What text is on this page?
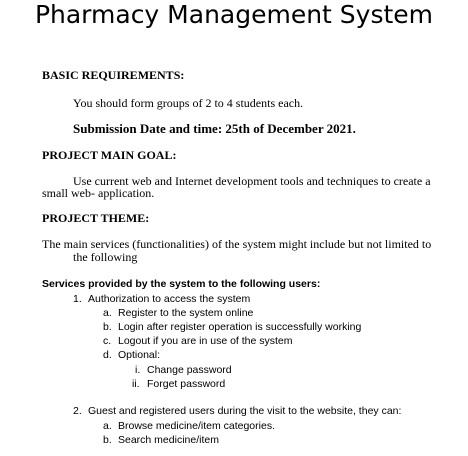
Pharmacy Management System
BASIC REQUIREMENTS:
You should form groups of 2 to 4 students each.
Submission Date and time: 25th of December 2021.
PROJECT MAIN GOAL:
Use current web and Internet development tools and techniques to create a
small web- application.
PROJECT THEME:
The main services (functionalities) of the system might include but not limited to
the following
Services provided by the system to the following users:
1. Authorization to access the system
a. Register to the system online
b. Login after register operation is successfully working
c. Logout if you are in use of the system
d. Optional:
i. Change password
ii. Forget password
2. Guest and registered users during the visit to the website, they can:
a. Browse medicine/item categories.
b. Search medicine/item
